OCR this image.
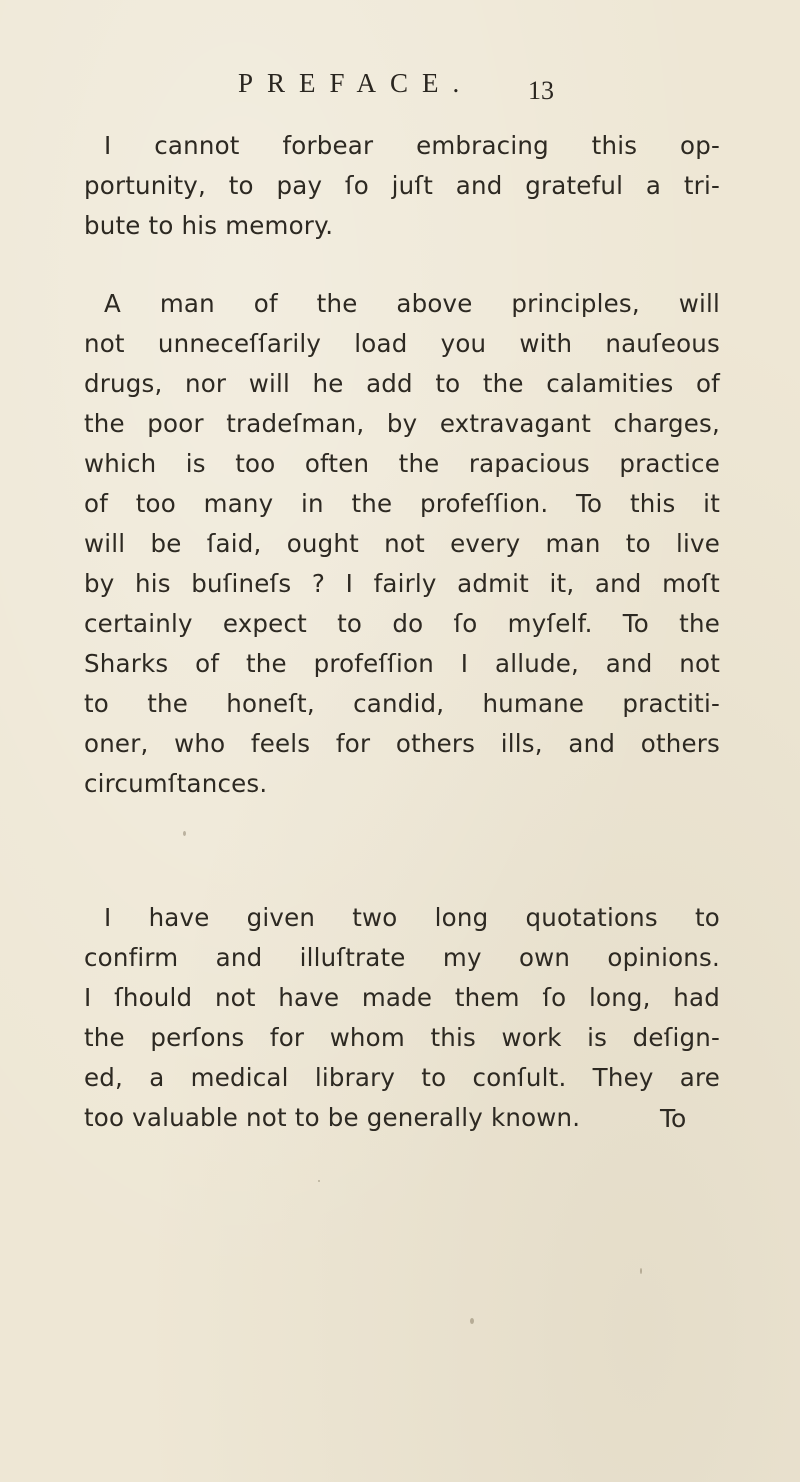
PREFACE. 13
I cannot forbear embracing this op-
portunity, to pay ſo juſt and grateful a tri-
bute to his memory.
A man of the above principles, will
not unneceſſarily load you with nauſeous
drugs, nor will he add to the calamities of
the poor tradeſman, by extravagant charges,
which is too often the rapacious practice
of too many in the profeſſion. To this it
will be ſaid, ought not every man to live
by his buſineſs ? I fairly admit it, and moſt
certainly expect to do ſo myſelf. To the
Sharks of the profeſſion I allude, and not
to the honeſt, candid, humane practiti-
oner, who feels for others ills, and others
circumſtances.
I have given two long quotations to
confirm and illuſtrate my own opinions.
I ſhould not have made them ſo long, had
the perſons for whom this work is deſign-
ed, a medical library to conſult. They are
too valuable not to be generally known.	To
